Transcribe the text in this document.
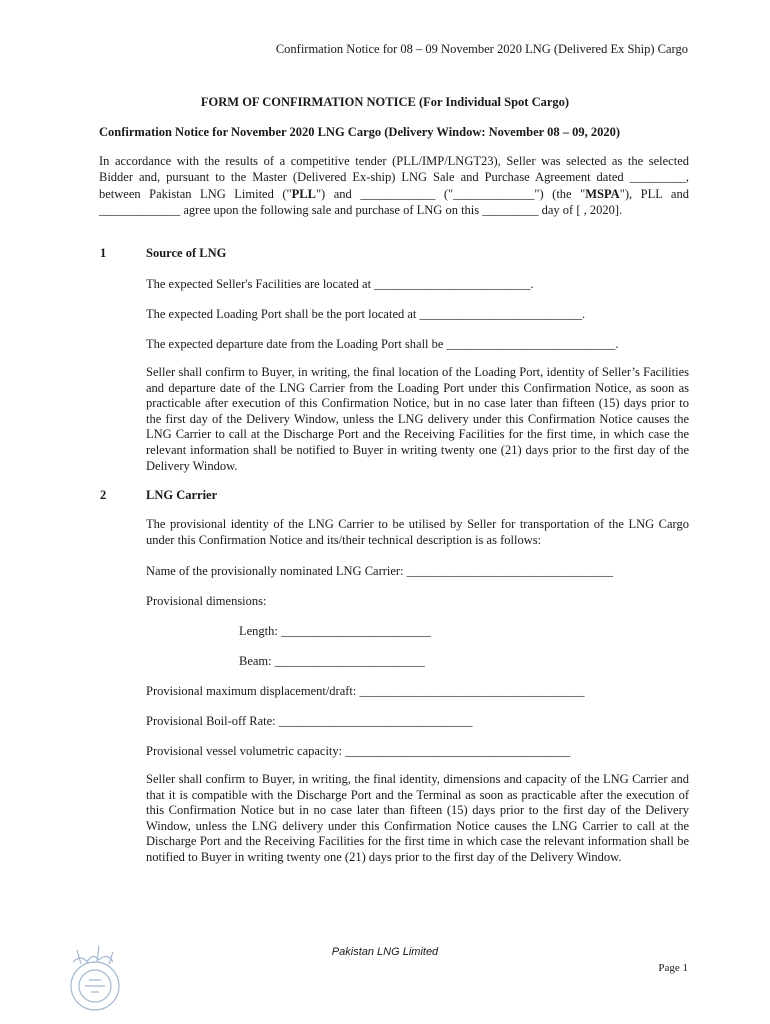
Confirmation Notice for 08 – 09 November 2020 LNG (Delivered Ex Ship) Cargo
FORM OF CONFIRMATION NOTICE (For Individual Spot Cargo)
Confirmation Notice for November 2020 LNG Cargo (Delivery Window: November 08 – 09, 2020)
In accordance with the results of a competitive tender (PLL/IMP/LNGT23), Seller was selected as the selected Bidder and, pursuant to the Master (Delivered Ex-ship) LNG Sale and Purchase Agreement dated _________, between Pakistan LNG Limited ("PLL") and ____________ ("_____________") (the "MSPA"), PLL and _____________ agree upon the following sale and purchase of LNG on this _________ day of [ , 2020].
1	Source of LNG
The expected Seller's Facilities are located at _________________________.
The expected Loading Port shall be the port located at __________________________.
The expected departure date from the Loading Port shall be ___________________________.
Seller shall confirm to Buyer, in writing, the final location of the Loading Port, identity of Seller’s Facilities and departure date of the LNG Carrier from the Loading Port under this Confirmation Notice, as soon as practicable after execution of this Confirmation Notice, but in no case later than fifteen (15) days prior to the first day of the Delivery Window, unless the LNG delivery under this Confirmation Notice causes the LNG Carrier to call at the Discharge Port and the Receiving Facilities for the first time, in which case the relevant information shall be notified to Buyer in writing twenty one (21) days prior to the first day of the Delivery Window.
2	LNG Carrier
The provisional identity of the LNG Carrier to be utilised by Seller for transportation of the LNG Cargo under this Confirmation Notice and its/their technical description is as follows:
Name of the provisionally nominated LNG Carrier: _________________________________
Provisional dimensions:
Length: ________________________
Beam: ________________________
Provisional maximum displacement/draft: ____________________________________
Provisional Boil-off Rate: _______________________________
Provisional vessel volumetric capacity: ____________________________________
Seller shall confirm to Buyer, in writing, the final identity, dimensions and capacity of the LNG Carrier and that it is compatible with the Discharge Port and the Terminal as soon as practicable after the execution of this Confirmation Notice but in no case later than fifteen (15) days prior to the first day of the Delivery Window, unless the LNG delivery under this Confirmation Notice causes the LNG Carrier to call at the Discharge Port and the Receiving Facilities for the first time in which case the relevant information shall be notified to Buyer in writing twenty one (21) days prior to the first day of the Delivery Window.
Pakistan LNG Limited
Page 1
